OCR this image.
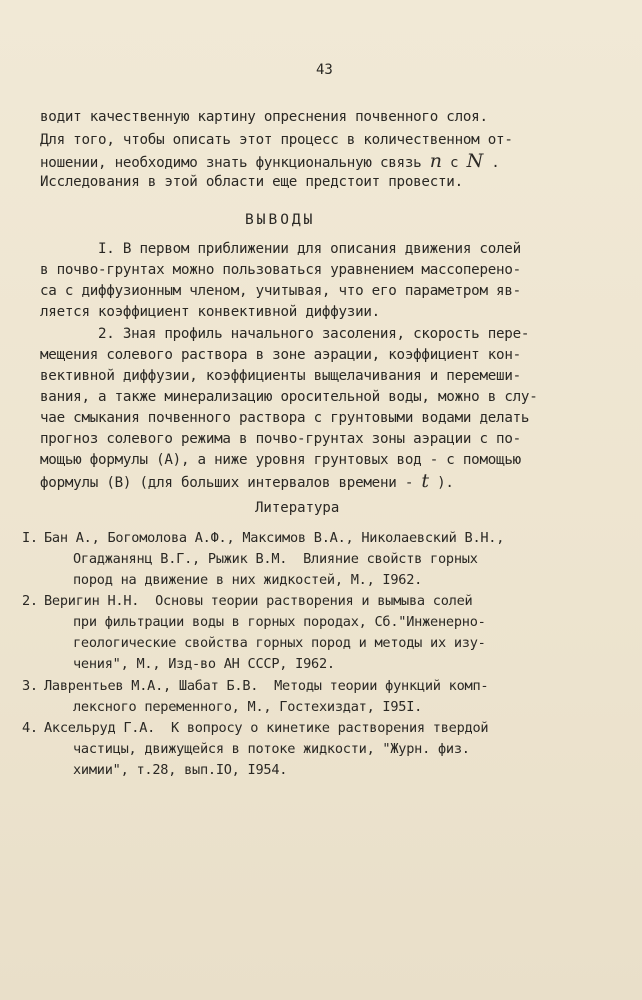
43
водит качественную картину опреснения почвенного слоя.
Для того, чтобы описать этот процесс в количественном от-
ношении, необходимо знать функциональную связь n с N .
Исследования в этой области еще предстоит провести.
ВЫВОДЫ
I. В первом приближении для описания движения солей
в почво-грунтах можно пользоваться уравнением массоперено-
са с диффузионным членом, учитывая, что его параметром яв-
ляется коэффициент конвективной диффузии.
2. Зная профиль начального засоления, скорость пере-
мещения солевого раствора в зоне аэрации, коэффициент кон-
вективной диффузии, коэффициенты выщелачивания и перемеши-
вания, а также минерализацию оросительной воды, можно в слу-
чае смыкания почвенного раствора с грунтовыми водами делать
прогноз солевого режима в почво-грунтах зоны аэрации с по-
мощью формулы (А), а ниже уровня грунтовых вод - с помощью
формулы (В) (для больших интервалов времени - t ).
Литература
I. Бан А., Богомолова А.Ф., Максимов В.А., Николаевский В.Н.,
Огаджанянц В.Г., Рыжик В.М.  Влияние свойств горных
пород на движение в них жидкостей, М., I962.
2. Веригин Н.Н.  Основы теории растворения и вымыва солей
при фильтрации воды в горных породах, Сб."Инженерно-
геологические свойства горных пород и методы их изу-
чения", М., Изд-во АН СССР, I962.
3. Лаврентьев М.А., Шабат Б.В.  Методы теории функций комп-
лексного переменного, М., Гостехиздат, I95I.
4. Аксельруд Г.А.  К вопросу о кинетике растворения твердой
частицы, движущейся в потоке жидкости, "Журн. физ.
химии", т.28, вып.IO, I954.
